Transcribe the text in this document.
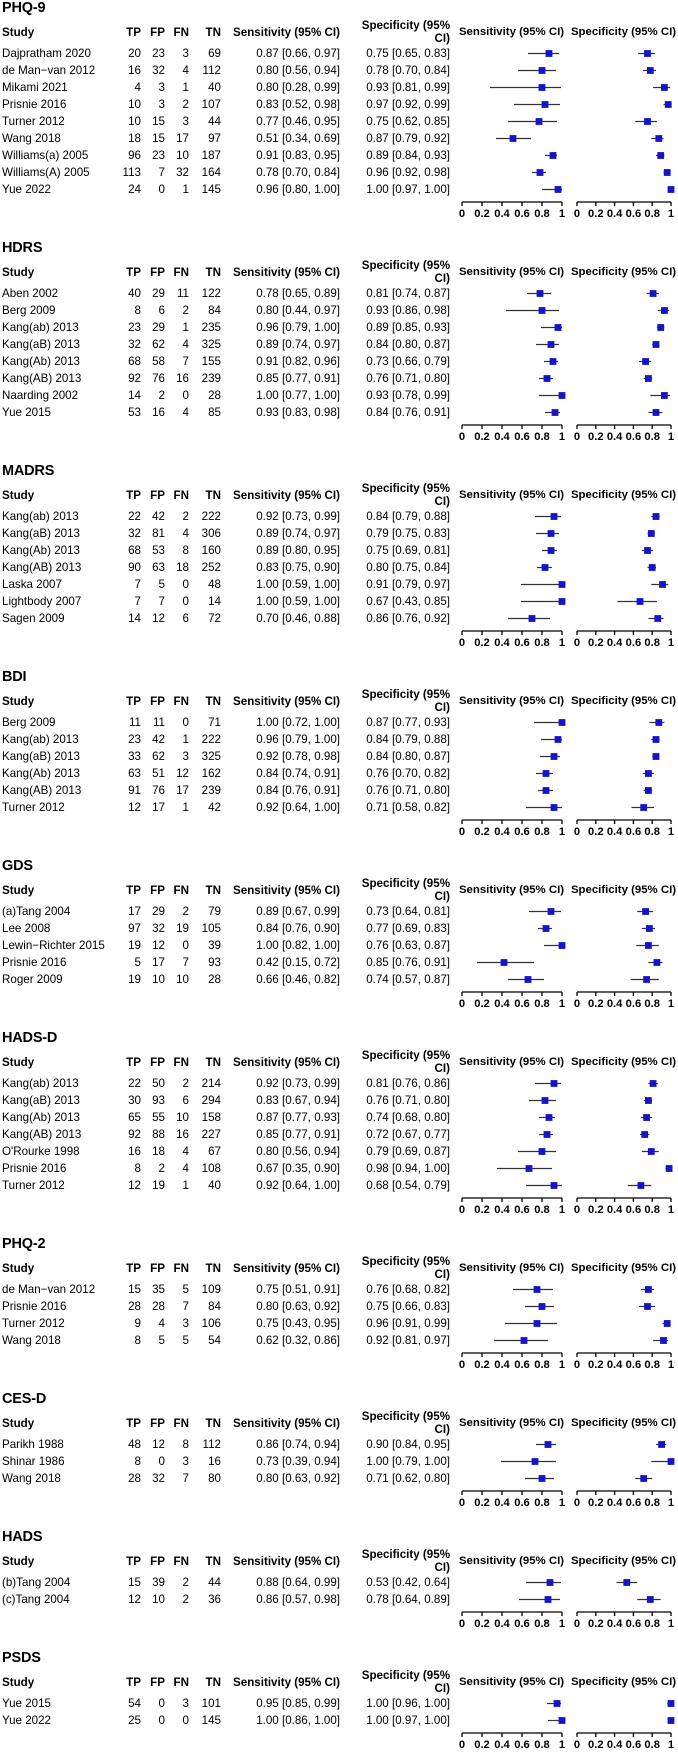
PHQ-9
Study	TP	FP	FN	TN	Sensitivity (95% CI)	Specificity (95% CI)	Sensitivity (95% CI)	Specificity (95% CI)
Dajpratham 2020	20	23	3	69	0.87 [0.66, 0.97]	0.75 [0.65, 0.83]	

de Man−van 2012	16	32	4	112	0.80 [0.56, 0.94]	0.78 [0.70, 0.84]	

Mikami 2021	4	3	1	40	0.80 [0.28, 0.99]	0.93 [0.81, 0.99]	

Prisnie 2016	10	3	2	107	0.83 [0.52, 0.98]	0.97 [0.92, 0.99]	

Turner 2012	10	15	3	44	0.77 [0.46, 0.95]	0.75 [0.62, 0.85]	

Wang 2018	18	15	17	97	0.51 [0.34, 0.69]	0.87 [0.79, 0.92]	

Williams(a) 2005	96	23	10	187	0.91 [0.83, 0.95]	0.89 [0.84, 0.93]	

Williams(A) 2005	113	7	32	164	0.78 [0.70, 0.84]	0.96 [0.92, 0.98]	

Yue 2022	24	0	1	145	0.96 [0.80, 1.00]	1.00 [0.97, 1.00]	

0 0.2 0.4 0.6 0.8 1	0 0.2 0.4 0.6 0.8 1
HDRS
Study	TP	FP	FN	TN	Sensitivity (95% CI)	Specificity (95% CI)	Sensitivity (95% CI)	Specificity (95% CI)
Aben 2002	40	29	11	122	0.78 [0.65, 0.89]	0.81 [0.74, 0.87]	

Berg 2009	8	6	2	84	0.80 [0.44, 0.97]	0.93 [0.86, 0.98]	

Kang(ab) 2013	23	29	1	235	0.96 [0.79, 1.00]	0.89 [0.85, 0.93]	

Kang(aB) 2013	32	62	4	325	0.89 [0.74, 0.97]	0.84 [0.80, 0.87]	

Kang(Ab) 2013	68	58	7	155	0.91 [0.82, 0.96]	0.73 [0.66, 0.79]	

Kang(AB) 2013	92	76	16	239	0.85 [0.77, 0.91]	0.76 [0.71, 0.80]	

Naarding 2002	14	2	0	28	1.00 [0.77, 1.00]	0.93 [0.78, 0.99]	

Yue 2015	53	16	4	85	0.93 [0.83, 0.98]	0.84 [0.76, 0.91]	

0 0.2 0.4 0.6 0.8 1	0 0.2 0.4 0.6 0.8 1
MADRS
Study	TP	FP	FN	TN	Sensitivity (95% CI)	Specificity (95% CI)	Sensitivity (95% CI)	Specificity (95% CI)
Kang(ab) 2013	22	42	2	222	0.92 [0.73, 0.99]	0.84 [0.79, 0.88]	

Kang(aB) 2013	32	81	4	306	0.89 [0.74, 0.97]	0.79 [0.75, 0.83]	

Kang(Ab) 2013	68	53	8	160	0.89 [0.80, 0.95]	0.75 [0.69, 0.81]	

Kang(AB) 2013	90	63	18	252	0.83 [0.75, 0.90]	0.80 [0.75, 0.84]	

Laska 2007	7	5	0	48	1.00 [0.59, 1.00]	0.91 [0.79, 0.97]	

Lightbody 2007	7	7	0	14	1.00 [0.59, 1.00]	0.67 [0.43, 0.85]	

Sagen 2009	14	12	6	72	0.70 [0.46, 0.88]	0.86 [0.76, 0.92]	

0 0.2 0.4 0.6 0.8 1	0 0.2 0.4 0.6 0.8 1
BDI
Study	TP	FP	FN	TN	Sensitivity (95% CI)	Specificity (95% CI)	Sensitivity (95% CI)	Specificity (95% CI)
Berg 2009	11	11	0	71	1.00 [0.72, 1.00]	0.87 [0.77, 0.93]	

Kang(ab) 2013	23	42	1	222	0.96 [0.79, 1.00]	0.84 [0.79, 0.88]	

Kang(aB) 2013	33	62	3	325	0.92 [0.78, 0.98]	0.84 [0.80, 0.87]	

Kang(Ab) 2013	63	51	12	162	0.84 [0.74, 0.91]	0.76 [0.70, 0.82]	

Kang(AB) 2013	91	76	17	239	0.84 [0.76, 0.91]	0.76 [0.71, 0.80]	

Turner 2012	12	17	1	42	0.92 [0.64, 1.00]	0.71 [0.58, 0.82]	

0 0.2 0.4 0.6 0.8 1	0 0.2 0.4 0.6 0.8 1
GDS
Study	TP	FP	FN	TN	Sensitivity (95% CI)	Specificity (95% CI)	Sensitivity (95% CI)	Specificity (95% CI)
(a)Tang 2004	17	29	2	79	0.89 [0.67, 0.99]	0.73 [0.64, 0.81]	

Lee 2008	97	32	19	105	0.84 [0.76, 0.90]	0.77 [0.69, 0.83]	

Lewin−Richter 2015	19	12	0	39	1.00 [0.82, 1.00]	0.76 [0.63, 0.87]	

Prisnie 2016	5	17	7	93	0.42 [0.15, 0.72]	0.85 [0.76, 0.91]	

Roger 2009	19	10	10	28	0.66 [0.46, 0.82]	0.74 [0.57, 0.87]	

0 0.2 0.4 0.6 0.8 1	0 0.2 0.4 0.6 0.8 1
HADS-D
Study	TP	FP	FN	TN	Sensitivity (95% CI)	Specificity (95% CI)	Sensitivity (95% CI)	Specificity (95% CI)
Kang(ab) 2013	22	50	2	214	0.92 [0.73, 0.99]	0.81 [0.76, 0.86]	

Kang(aB) 2013	30	93	6	294	0.83 [0.67, 0.94]	0.76 [0.71, 0.80]	

Kang(Ab) 2013	65	55	10	158	0.87 [0.77, 0.93]	0.74 [0.68, 0.80]	

Kang(AB) 2013	92	88	16	227	0.85 [0.77, 0.91]	0.72 [0.67, 0.77]	

O'Rourke 1998	16	18	4	67	0.80 [0.56, 0.94]	0.79 [0.69, 0.87]	

Prisnie 2016	8	2	4	108	0.67 [0.35, 0.90]	0.98 [0.94, 1.00]	

Turner 2012	12	19	1	40	0.92 [0.64, 1.00]	0.68 [0.54, 0.79]	

0 0.2 0.4 0.6 0.8 1	0 0.2 0.4 0.6 0.8 1
PHQ-2
Study	TP	FP	FN	TN	Sensitivity (95% CI)	Specificity (95% CI)	Sensitivity (95% CI)	Specificity (95% CI)
de Man−van 2012	15	35	5	109	0.75 [0.51, 0.91]	0.76 [0.68, 0.82]	

Prisnie 2016	28	28	7	84	0.80 [0.63, 0.92]	0.75 [0.66, 0.83]	

Turner 2012	9	4	3	106	0.75 [0.43, 0.95]	0.96 [0.91, 0.99]	

Wang 2018	8	5	5	54	0.62 [0.32, 0.86]	0.92 [0.81, 0.97]	

0 0.2 0.4 0.6 0.8 1	0 0.2 0.4 0.6 0.8 1
CES-D
Study	TP	FP	FN	TN	Sensitivity (95% CI)	Specificity (95% CI)	Sensitivity (95% CI)	Specificity (95% CI)
Parikh 1988	48	12	8	112	0.86 [0.74, 0.94]	0.90 [0.84, 0.95]	

Shinar 1986	8	0	3	16	0.73 [0.39, 0.94]	1.00 [0.79, 1.00]	

Wang 2018	28	32	7	80	0.80 [0.63, 0.92]	0.71 [0.62, 0.80]	

0 0.2 0.4 0.6 0.8 1	0 0.2 0.4 0.6 0.8 1
HADS
Study	TP	FP	FN	TN	Sensitivity (95% CI)	Specificity (95% CI)	Sensitivity (95% CI)	Specificity (95% CI)
(b)Tang 2004	15	39	2	44	0.88 [0.64, 0.99]	0.53 [0.42, 0.64]	

(c)Tang 2004	12	10	2	36	0.86 [0.57, 0.98]	0.78 [0.64, 0.89]	

0 0.2 0.4 0.6 0.8 1	0 0.2 0.4 0.6 0.8 1
PSDS
Study	TP	FP	FN	TN	Sensitivity (95% CI)	Specificity (95% CI)	Sensitivity (95% CI)	Specificity (95% CI)
Yue 2015	54	0	3	101	0.95 [0.85, 0.99]	1.00 [0.96, 1.00]	

Yue 2022	25	0	0	145	1.00 [0.86, 1.00]	1.00 [0.97, 1.00]	

0 0.2 0.4 0.6 0.8 1	0 0.2 0.4 0.6 0.8 1
